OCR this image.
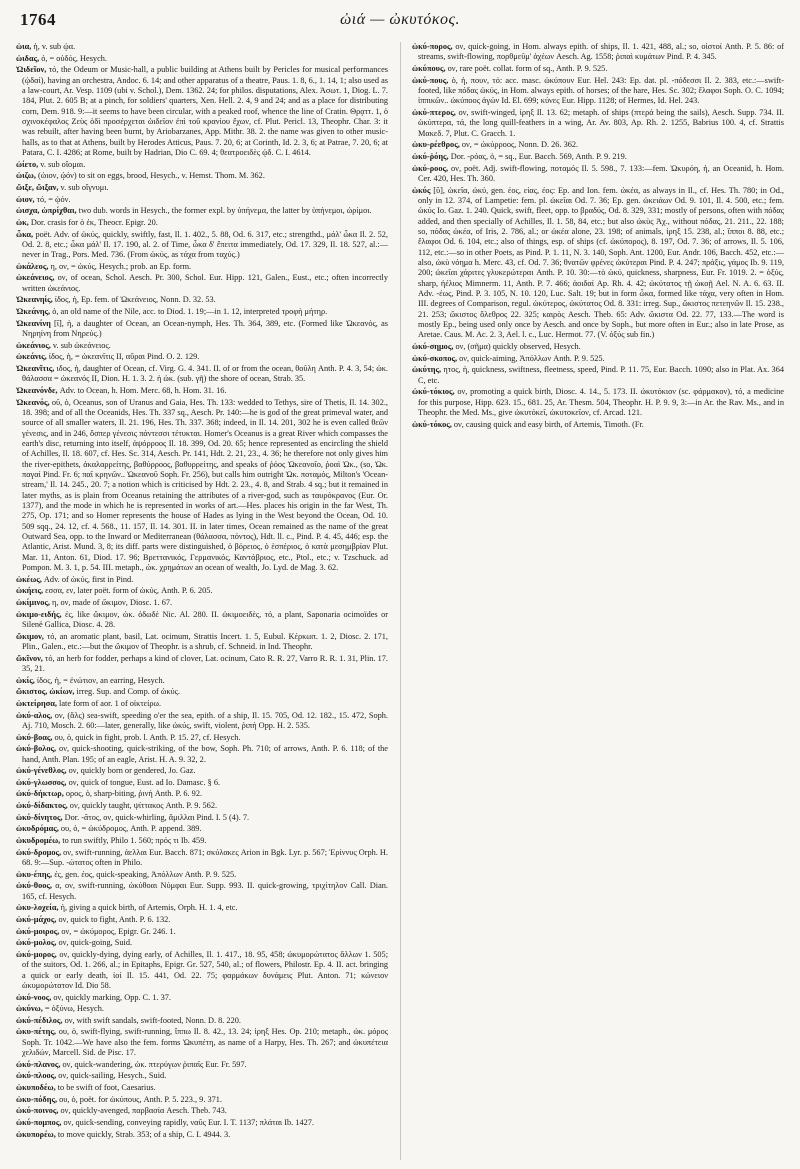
1764	ὠιά — ὠκυτόκος.

ὠια, ἡ, v. sub ᾠα.

ὠιδας, ὁ, = οὐδός, Hesych.

Ὠιδεῖον, τό, the Odeum or Music-hall, a public building at Athens built by Pericles for musical performances (ᾠδαί), having an orchestra, Andoc. 6. 14; and other apparatus of a theatre, Paus. 1. 8, 6., 1. 14, 1; also used as a law-court, Ar. Vesp. 1109 (ubi v. Schol.), Dem. 1362. 24; for philos. disputations, Alex. Ἀσωτ. 1, Diog. L. 7. 184, Plut. 2. 605 B; at a pinch, for soldiers' quarters, Xen. Hell. 2. 4, 9 and 24; and as a place for distributing corn, Dem. 918. 9:—it seems to have been circular, with a peaked roof, whence the line of Cratin. Θρᾳττ. 1, ὁ σχινοκέφαλος Ζεὺς ὁδὶ προσέρχεται ὠιδεῖον ἐπὶ τοῦ κρανίου ἔχων, cf. Plut. Pericl. 13, Theophr. Char. 3: it was rebuilt, after having been burnt, by Ariobarzanes, App. Mithr. 38. 2. the name was given to other music-halls, as to that at Athens, built by Herodes Atticus, Paus. 7. 20, 6; at Corinth, Id. 2. 3, 6; at Patrae, 7. 20, 6; at Patara, C. I. 4286; at Rome, built by Hadrian, Dio C. 69. 4; θεατροειδὲς ᾠδ. C. I. 4614.

ὠίετο, v. sub οἴομαι.

ὠιζω, (ὠιον, ᾠόν) to sit on eggs, brood, Hesych., v. Hemst. Thom. M. 362.

ὤιξε, ὤιξαν, v. sub οἴγνυμι.

ὠιον, τό, = ᾠόν.

ὠισχα, ὠπρίχθαι, two dub. words in Hesych., the former expl. by ὑπήνεμα, the latter by ὑπήνεμοι, ὡρίμοι.

ὠκ, Dor. crasis for ὁ ἐκ, Theocr. Epigr. 20.

ὦκα, poët. Adv. of ὠκύς, quickly, swiftly, fast, Il. 1. 402., 5. 88, Od. 6. 317, etc.; strengthd., μάλ' ὦκα Il. 2. 52, Od. 2. 8, etc.; ὦκα μάλ' Il. 17. 190, al. 2. of Time, ὦκα δ' ἔπειτα immediately, Od. 17. 329, Il. 18. 527, al.:—never in Trag., Pors. Med. 736. (From ὠκύς, as τάχα from ταχύς.)

ὠκάλεος, η, ον, = ὠκύς, Hesych.; prob. an Ep. form.

ὠκεάνειος, ον, of ocean, Schol. Aesch. Pr. 300, Schol. Eur. Hipp. 121, Galen., Eust., etc.; often incorrectly written ὠκεάνιος.

Ὠκεανηίς, ίδος, ἡ, Ep. fem. of Ὠκεάνειος, Nonn. D. 32. 53.

Ὠκεάνης, ὁ, an old name of the Nile, acc. to Diod. 1. 19;—in 1. 12, interpreted τροφὴ μήτηρ.

Ὠκεανίνη [ῑ], ἡ, a daughter of Ocean, an Ocean-nymph, Hes. Th. 364, 389, etc. (Formed like Ὠκεανός, as Νηρηίνη from Νηρεύς.)

ὠκεάνιος, v. sub ὠκεάνειος.

ὠκεάνις, ίδος, ἡ, = ὠκεανῖτις II, αὔραι Pind. O. 2. 129.

Ὠκεανῖτις, ιδος, ἡ, daughter of Ocean, cf. Virg. G. 4. 341. II. of or from the ocean, θοῦλη Anth. P. 4. 3, 54; ὠκ. θάλασσα = ὠκεανός II, Dion. H. 1. 3. 2. ἡ ὠκ. (sub. γῆ) the shore of ocean, Strab. 35.

Ὠκεανόνδε, Adv. to Ocean, h. Hom. Merc. 68, h. Hom. 31. 16.

Ὠκεανός, οῦ, ὁ, Oceanus, son of Uranus and Gaia, Hes. Th. 133: wedded to Tethys, sire of Thetis, Il. 14. 302., 18. 398; and of all the Oceanids, Hes. Th. 337 sq., Aesch. Pr. 140:—he is god of the great primeval water, and source of all smaller waters, Il. 21. 196, Hes. Th. 337. 368; indeed, in Il. 14. 201, 302 he is even called θεῶν γένεσις, and in 246, ὅσπερ γένεσις πάντεσσι τέτυκται. Homer's Oceanus is a great River which compasses the earth's disc, returning into itself, ἀψόρροος Il. 18. 399, Od. 20. 65; hence represented as encircling the shield of Achilles, Il. 18. 607, cf. Hes. Sc. 314, Aesch. Pr. 141, Hdt. 2. 21, 23., 4. 36; he therefore not only gives him the river-epithets, ἀκαλαρρείτης, βαθύρροος, βαθυρρείτης, and speaks of ῥόος Ὠκεανοῖο, ῥοαὶ Ὠκ., (so, Ὠκ. παγαί Pind. Fr. 6; παῖ κρηνῶν.. Ὠκεανοῦ Soph. Fr. 256), but calls him outright Ὠκ. ποταμός, Milton's 'Ocean-stream,' Il. 14. 245., 20. 7; a notion which is criticised by Hdt. 2. 23., 4. 8, and Strab. 4 sq.; but it remained in later myths, as is plain from Oceanus retaining the attributes of a river-god, such as ταυρόκρανος (Eur. Or. 1377), and the mode in which he is represented in works of art.—Hes. places his origin in the far West, Th. 275, Op. 171; and so Homer represents the house of Hades as lying in the West beyond the Ocean, Od. 10. 509 sqq., 24. 12, cf. 4. 568., 11. 157, Il. 14. 301. II. in later times, Ocean remained as the name of the great Outward Sea, opp. to the Inward or Mediterranean (θάλασσα, πόντος), Hdt. ll. c., Pind. P. 4. 45, 446; esp. the Atlantic, Arist. Mund. 3, 8; its diff. parts were distinguished, ὁ βόρειος, ὁ ἑσπέριος, ὁ κατὰ μεσημβρίαν Plut. Mar. 11, Anton. 61, Diod. 17. 96; Βρεττανικός, Γερμανικός, Καντάβριος, etc., Ptol., etc.; v. Tzschuck. ad Pompon. M. 3. 1, p. 54. III. metaph., ὠκ. χρημάτων an ocean of wealth, Jo. Lyd. de Mag. 3. 62.

ὠκέως, Adv. of ὠκύς, first in Pind.

ὠκήεις, εσσα, εν, later poët. form of ὠκύς, Anth. P. 6. 205.

ὠκίμινος, η, ον, made of ὤκιμον, Diosc. 1. 67.

ὠκιμο-ειδής, ές, like ὤκιμον, ὠκ. ὀδωδὲ Nic. Al. 280. II. ὠκιμοειδὲς, τό, a plant, Saponaria ocimoïdes or Silenë Gallica, Diosc. 4. 28.

ὤκιμον, τό, an aromatic plant, basil, Lat. ocimum, Strattis Incert. 1. 5, Eubul. Κέρκωπ. 1. 2, Diosc. 2. 171, Plin., Galen., etc.:—but the ὤκιμον of Theophr. is a shrub, cf. Schneid. in Ind. Theophr.

ὤκῖνον, τό, an herb for fodder, perhaps a kind of clover, Lat. ocinum, Cato R. R. 27, Varro R. R. 1. 31, Plin. 17. 35, 21.

ὠκίς, ίδος, ἡ, = ἐνώτιον, an earring, Hesych.

ὤκιστος, ὠκίων, irreg. Sup. and Comp. of ὠκύς.

ὠκτείρησα, late form of aor. 1 of οἰκτείρω.

ὠκύ-αλος, ον, (ἅλς) sea-swift, speeding o'er the sea, epith. of a ship, Il. 15. 705, Od. 12. 182., 15. 472, Soph. Aj. 710, Mosch. 2. 60:—later, generally, like ὠκύς, swift, violent, ῥιπή Opp. H. 2. 535.

ὠκύ-βοας, ου, ὁ, quick in fight, prob. l. Anth. P. 15. 27, cf. Hesych.

ὠκύ-βολος, ον, quick-shooting, quick-striking, of the bow, Soph. Ph. 710; of arrows, Anth. P. 6. 118; of the hand, Anth. Plan. 195; of an eagle, Arist. H. A. 9. 32, 2.

ὠκύ-γένεθλος, ον, quickly born or gendered, Jo. Gaz.

ὠκύ-γλωσσος, ον, quick of tongue, Eust. ad Io. Damasc. § 6.

ὠκύ-δήκτωρ, ορος, ὁ, sharp-biting, ῥινή Anth. P. 6. 92.

ὠκύ-δίδακτος, ον, quickly taught, ψίττακος Anth. P. 9. 562.

ὠκύ-δίνητος, Dor. -ᾱτος, ον, quick-whirling, ἅμιλλαι Pind. I. 5 (4). 7.

ὠκυδρόμας, ου, ὁ, = ὠκύδρομος, Anth. P. append. 389.

ὠκυδρομέω, to run swiftly, Philo 1. 560; πρός τι Ib. 459.

ὠκύ-δρομος, ον, swift-running, ἀελλαι Eur. Bacch. 871; σκύλακες Arion in Bgk. Lyr. p. 567; Ἐρίννυς Orph. H. 68. 9:—Sup. -ώτατος often in Philo.

ὠκυ-έπης, ές, gen. έος, quick-speaking, Ἀπόλλων Anth. P. 9. 525.

ὠκύ-θοος, α, ον, swift-running, ὠκύθοαι Νύμφαι Eur. Supp. 993. II. quick-growing, τριχίτηλον Call. Dian. 165, cf. Hesych.

ὠκυ-λοχεία, ἡ, giving a quick birth, of Artemis, Orph. H. 1. 4, etc.

ὠκύ-μάχος, ον, quick to fight, Anth. P. 6. 132.

ὠκύ-μοιρος, ον, = ὠκύμορος, Epigr. Gr. 246. 1.

ὠκύ-μολος, ον, quick-going, Suid.

ὠκύ-μορος, ον, quickly-dying, dying early, of Achilles, Il. 1. 417., 18. 95, 458; ὠκυμορώτατος ἄλλων 1. 505; of the suitors, Od. 1. 266, al.; in Epitaphs, Epigr. Gr. 527, 540, al.; of flowers, Philostr. Ep. 4. II. act. bringing a quick or early death, ἰοί Il. 15. 441, Od. 22. 75; φαρμάκων δυνάμεις Plut. Anton. 71; κώνειον ὠκυμορώτατον Id. Dio 58.

ὠκύ-νοος, ον, quickly marking, Opp. C. 1. 37.

ὠκύνω, = ὀξύνω, Hesych.

ὠκύ-πέδιλος, ον, with swift sandals, swift-footed, Nonn. D. 8. 220.

ὠκυ-πέτης, ου, ὁ, swift-flying, swift-running, ἵππω Il. 8. 42., 13. 24; ἰρηξ Hes. Op. 210; metaph., ὠκ. μόρος Soph. Tr. 1042.—We have also the fem. forms Ὠκυπέτη, as name of a Harpy, Hes. Th. 267; and ὠκυπέτεια χελιδών, Marcell. Sid. de Pisc. 17.

ὠκύ-πλανος, ον, quick-wandering, ὠκ. πτερύγων ῥιπαῖς Eur. Fr. 597.

ὠκύ-πλοος, ον, quick-sailing, Hesych., Suid.

ὠκυποδέω, to be swift of foot, Caesarius.

ὠκυ-πόδης, ου, ὁ, poët. for ὠκύπους, Anth. P. 5. 223., 9. 371.

ὠκύ-ποινος, ον, quickly-avenged, παρβασία Aesch. Theb. 743.

ὠκύ-πομπος, ον, quick-sending, conveying rapidly, ναῦς Eur. I. T. 1137; πλάται Ib. 1427.

ὠκυπορέω, to move quickly, Strab. 353; of a ship, C. I. 4944. 3.

ὠκύ-πορος, ον, quick-going, in Hom. always epith. of ships, Il. 1. 421, 488, al.; so, οἰστοί Anth. P. 5. 86: of streams, swift-flowing, πορθμεῦμ' ἀχέων Aesch. Ag. 1558; ῥιπαὶ κυμάτων Pind. P. 4. 345.

ὠκύπους, ον, rare poët. collat. form of sq., Anth. P. 9. 525.

ὠκύ-πους, ὁ, ἡ, πουν, τό: acc. masc. ὠκύπουν Eur. Hel. 243: Ep. dat. pl. -πόδεσσι Il. 2. 383, etc.:—swift-footed, like πόδας ὠκύς, in Hom. always epith. of horses; of the hare, Hes. Sc. 302; ἔλαφοι Soph. O. C. 1094; ἱππικῶν.. ὠκύποος ἀγών Id. El. 699; κύνες Eur. Hipp. 1128; of Hermes, Id. Hel. 243.

ὠκύ-πτερος, ον, swift-winged, ἰρηξ Il. 13. 62; metaph. of ships (πτερά being the sails), Aesch. Supp. 734. II. ὠκύπτερα, τά, the long quill-feathers in a wing, Ar. Av. 803, Ap. Rh. 2. 1255, Babrius 100. 4, cf. Strattis Μακεδ. 7, Plut. C. Gracch. 1.

ὠκυ-ρέεθρος, ον, = ὠκύρροος, Nonn. D. 26. 362.

ὠκύ-ῥόης, Dor. -ρόας, ὁ, = sq., Eur. Bacch. 569, Anth. P. 9. 219.

ὠκύ-ροος, ον, poët. Adj. swift-flowing, ποταμός Il. 5. 598., 7. 133:—fem. Ὠκυρόη, ἡ, an Oceanid, h. Hom. Cer. 420, Hes. Th. 360.

ὠκύς [ῠ], ὠκεῖα, ὠκύ, gen. έος, είας, έος: Ep. and Ion. fem. ὠκέα, as always in Il., cf. Hes. Th. 780; in Od., only in 12. 374, of Lampetie: fem. pl. ὠκεῖαι Od. 7. 36; Ep. gen. ὠκειάων Od. 9. 101, Il. 4. 500, etc.; fem. ὠκύς Io. Gaz. 1. 240. Quick, swift, fleet, opp. to βραδύς, Od. 8. 329, 331; mostly of persons, often with πόδας added, and then specially of Achilles, Il. 1. 58, 84, etc.; but also ὠκὺς Ἀχ., without πόδας, 21. 211., 22. 188; so, πόδας ὠκέα, of Iris, 2. 786, al.; or ὠκέα alone, 23. 198; of animals, ἰρηξ 15. 238, al.; ἵπποι 8. 88, etc.; ἔλαφοι Od. 6. 104, etc.; also of things, esp. of ships (cf. ὠκύπορος), 8. 197, Od. 7. 36; of arrows, Il. 5. 106, 112, etc.:—so in other Poets, as Pind. P. 1. 11, N. 3. 140, Soph. Ant. 1200, Eur. Andr. 106, Bacch. 452, etc.:—also, ὠκὺ νόημα h. Merc. 43, cf. Od. 7. 36; θνατῶν φρένες ὠκύτεραι Pind. P. 4. 247; πράξις, γάμος Ib. 9. 119, 200; ὠκεῖαι χάριτες γλυκερώτεραι Anth. P. 10. 30:—τὸ ὠκύ, quickness, sharpness, Eur. Fr. 1019. 2. = ὀξύς, sharp, ἠέλιος Mimnerm. 11, Anth. P. 7. 466; ἀοιδαί Ap. Rh. 4. 42; ὠκύτατος τῇ ὠκοῇ Ael. N. A. 6. 63. II. Adv. -έως, Pind. P. 3. 105, N. 10. 120, Luc. Salt. 19; but in form ὦκα, formed like τάχα, very often in Hom. III. degrees of Comparison, regul. ὠκύτερος, ὠκύτατος Od. 8. 331: irreg. Sup., ὤκιστος πετεηνῶν Il. 15. 238., 21. 253; ὤκιστος ὄλεθρος 22. 325; καιρὸς Aesch. Theb. 65: Adv. ὤκιστα Od. 22. 77, 133.—The word is mostly Ep., being used only once by Aesch. and once by Soph., but more often in Eur.; also in late Prose, as Aretae. Caus. M. Ac. 2. 3, Ael. l. c., Luc. Hermot. 77. (V. ὀξύς sub fin.)

ὠκύ-σημος, ον, (σῆμα) quickly observed, Hesych.

ὠκύ-σκοπος, ον, quick-aiming, Ἀπόλλων Anth. P. 9. 525.

ὠκύτης, ητος, ἡ, quickness, swiftness, fleetness, speed, Pind. P. 11. 75, Eur. Bacch. 1090; also in Plat. Ax. 364 C, etc.

ὠκύ-τόκιος, ον, promoting a quick birth, Diosc. 4. 14., 5. 173. II. ὠκυτόκιον (sc. φάρμακον), τό, a medicine for this purpose, Hipp. 623. 15., 681. 25, Ar. Thesm. 504, Theophr. H. P. 9. 9, 3:—in Ar. the Rav. Ms., and in Theophr. the Med. Ms., give ὠκυτόκεῖ, ὠκυτοκεῖον, cf. Arcad. 121.

ὠκύ-τόκος, ον, causing quick and easy birth, of Artemis, Timoth. (Fr.
